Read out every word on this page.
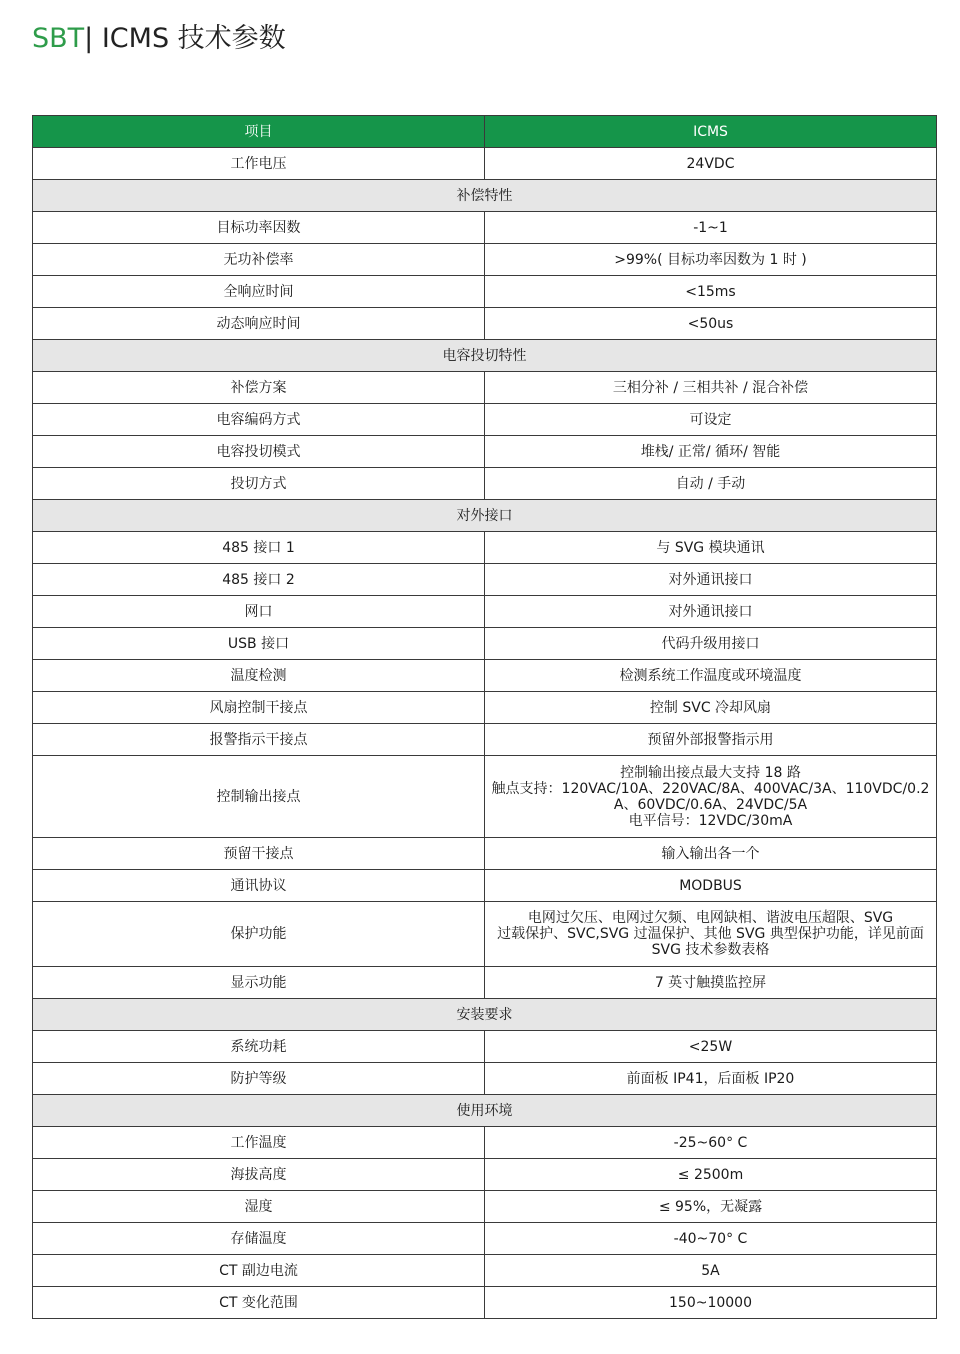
SBT| ICMS 技术参数
项目	ICMS
工作电压	24VDC
补偿特性	
目标功率因数	-1~1
无功补偿率	>99%( 目标功率因数为 1 时 )
全响应时间	<15ms
动态响应时间	<50us
电容投切特性	
补偿方案	三相分补 / 三相共补 / 混合补偿
电容编码方式	可设定
电容投切模式	堆栈/ 正常/ 循环/ 智能
投切方式	自动 / 手动
对外接口	
485 接口 1	与 SVG 模块通讯
485 接口 2	对外通讯接口
网口	对外通讯接口
USB 接口	代码升级用接口
温度检测	检测系统工作温度或环境温度
风扇控制干接点	控制 SVC 冷却风扇
报警指示干接点	预留外部报警指示用
控制输出接点	控制输出接点最大支持 18 路
触点支持：120VAC/10A、220VAC/8A、400VAC/3A、110VDC/0.2
A、60VDC/0.6A、24VDC/5A
电平信号：12VDC/30mA

预留干接点	输入输出各一个
通讯协议	MODBUS
保护功能	电网过欠压、电网过欠频、电网缺相、谐波电压超限、SVG
过载保护、SVC,SVG 过温保护、其他 SVG 典型保护功能，详见前面
SVG 技术参数表格

显示功能	7 英寸触摸监控屏
安装要求	
系统功耗	<25W
防护等级	前面板 IP41，后面板 IP20
使用环境	
工作温度	-25~60° C
海拔高度	≤ 2500m
湿度	≤ 95%，无凝露
存储温度	-40~70° C
CT 副边电流	5A
CT 变化范围	150~10000
